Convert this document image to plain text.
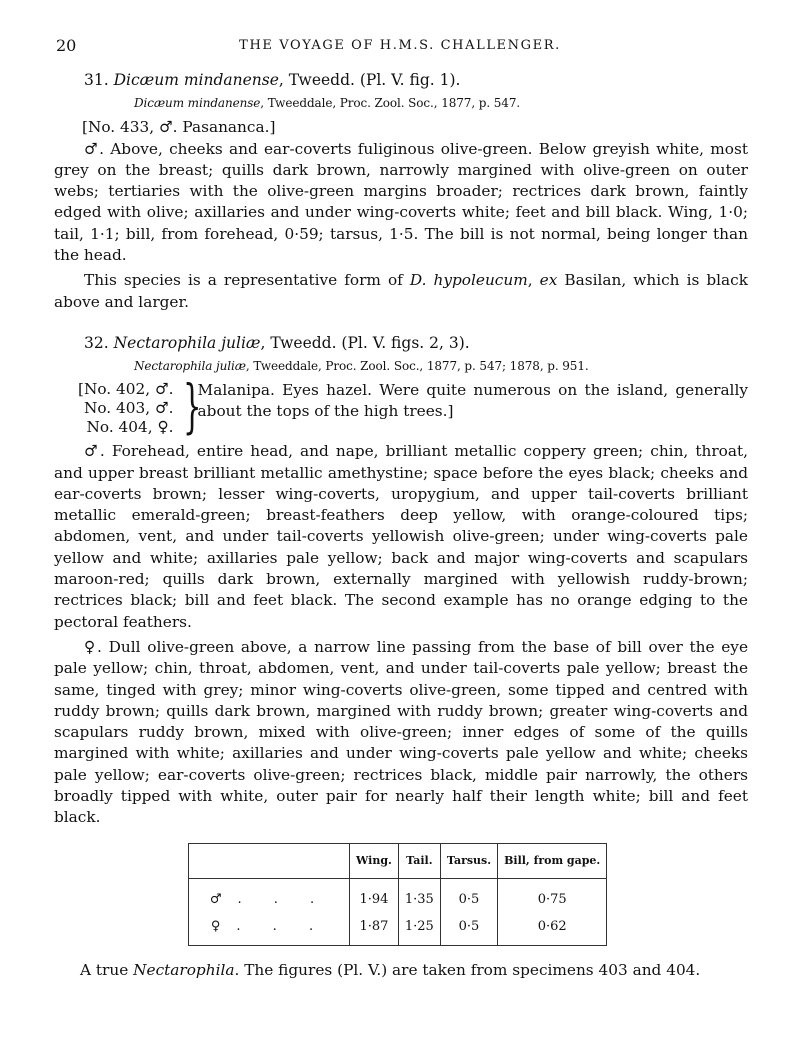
20	THE VOYAGE OF H.M.S. CHALLENGER.
31. Dicæum mindanense, Tweedd. (Pl. V. fig. 1).
Dicæum mindanense, Tweeddale, Proc. Zool. Soc., 1877, p. 547.
[No. 433, ♂. Pasananca.]

♂. Above, cheeks and ear-coverts fuliginous olive-green. Below greyish white, most grey on the breast; quills dark brown, narrowly margined with olive-green on outer webs; tertiaries with the olive-green margins broader; rectrices dark brown, faintly edged with olive; axillaries and under wing-coverts white; feet and bill black. Wing, 1·0; tail, 1·1; bill, from forehead, 0·59; tarsus, 1·5. The bill is not normal, being longer than the head.

This species is a representative form of D. hypoleucum, ex Basilan, which is black above and larger.

32. Nectarophila juliæ, Tweedd. (Pl. V. figs. 2, 3).
Nectarophila juliæ, Tweeddale, Proc. Zool. Soc., 1877, p. 547; 1878, p. 951.
[No. 402, ♂.
No. 403, ♂.
No. 404, ♀. }
Malanipa. Eyes hazel. Were quite numerous on the island, generally about the tops of the high trees.]

♂. Forehead, entire head, and nape, brilliant metallic coppery green; chin, throat, and upper breast brilliant metallic amethystine; space before the eyes black; cheeks and ear-coverts brown; lesser wing-coverts, uropygium, and upper tail-coverts brilliant metallic emerald-green; breast-feathers deep yellow, with orange-coloured tips; abdomen, vent, and under tail-coverts yellowish olive-green; under wing-coverts pale yellow and white; axillaries pale yellow; back and major wing-coverts and scapulars maroon-red; quills dark brown, externally margined with yellowish ruddy-brown; rectrices black; bill and feet black. The second example has no orange edging to the pectoral feathers.

♀. Dull olive-green above, a narrow line passing from the base of bill over the eye pale yellow; chin, throat, abdomen, vent, and under tail-coverts pale yellow; breast the same, tinged with grey; minor wing-coverts olive-green, some tipped and centred with ruddy brown; quills dark brown, margined with ruddy brown; greater wing-coverts and scapulars ruddy brown, mixed with olive-green; inner edges of some of the quills margined with white; axillaries and under wing-coverts pale yellow and white; cheeks pale yellow; ear-coverts olive-green; rectrices black, middle pair narrowly, the others broadly tipped with white, outer pair for nearly half their length white; bill and feet black.

	Wing.	Tail.	Tarsus.	Bill, from gape.
♂ . . .	1·94	1·35	0·5	0·75
♀ . . .	1·87	1·25	0·5	0·62
A true Nectarophila. The figures (Pl. V.) are taken from specimens 403 and 404.
